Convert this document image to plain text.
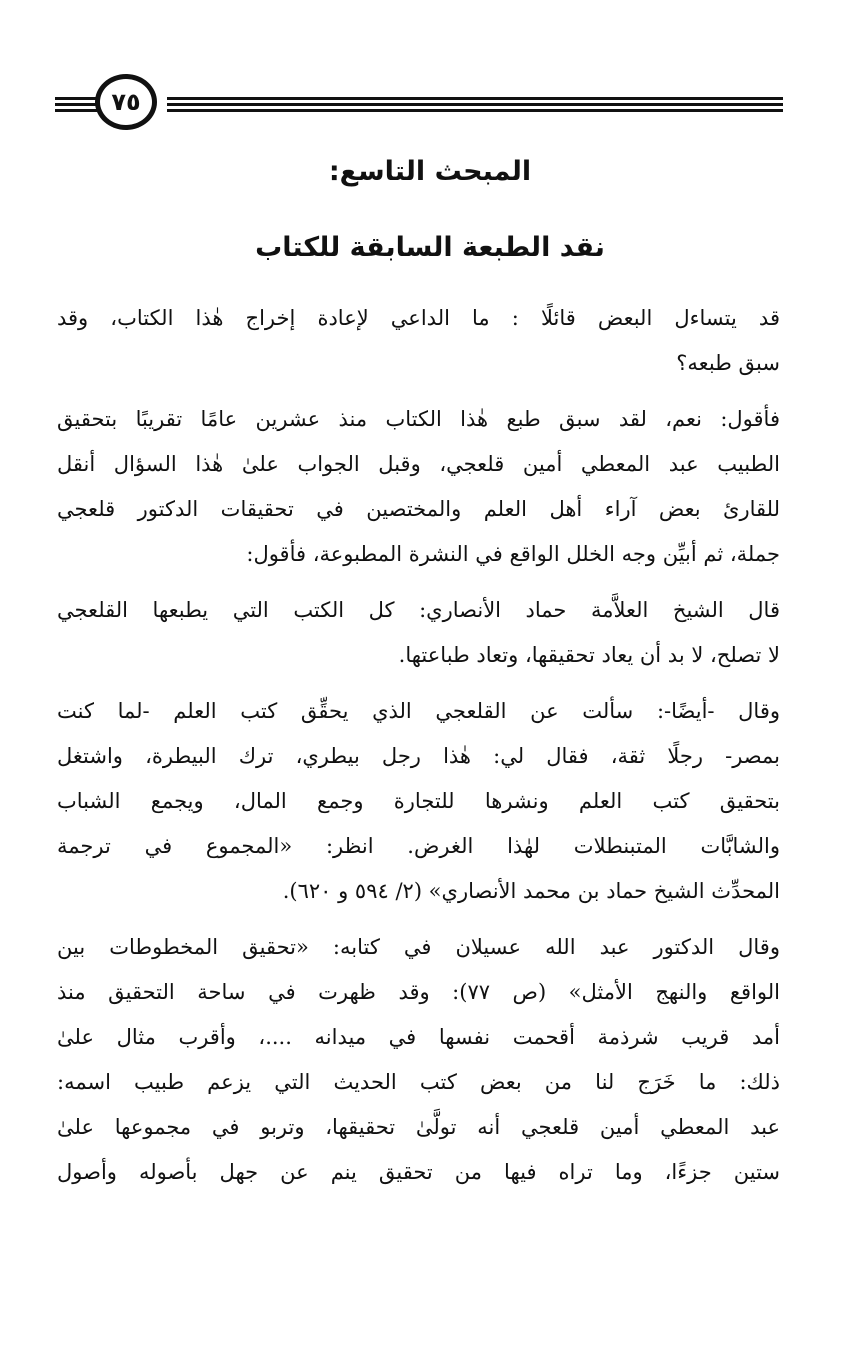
٧٥
المبحث التاسع:
نقد الطبعة السابقة للكتاب
قد يتساءل البعض قائلًا : ما الداعي لإعادة إخراج هٰذا الكتاب، وقد
سبق طبعه؟
فأقول: نعم، لقد سبق طبع هٰذا الكتاب منذ عشرين عامًا تقريبًا بتحقيق
الطبيب عبد المعطي أمين قلعجي، وقبل الجواب علىٰ هٰذا السؤال أنقل
للقارئ بعض آراء أهل العلم والمختصين في تحقيقات الدكتور قلعجي
جملة، ثم أبيِّن وجه الخلل الواقع في النشرة المطبوعة، فأقول:
قال الشيخ العلاَّمة حماد الأنصاري: كل الكتب التي يطبعها القلعجي
لا تصلح، لا بد أن يعاد تحقيقها، وتعاد طباعتها.
وقال -أيضًا-: سألت عن القلعجي الذي يحقِّق كتب العلم -لما كنت
بمصر- رجلًا ثقة، فقال لي: هٰذا رجل بيطري، ترك البيطرة، واشتغل
بتحقيق كتب العلم ونشرها للتجارة وجمع المال، ويجمع الشباب
والشابَّات المتبنطلات لهٰذا الغرض. انظر: «المجموع في ترجمة
المحدِّث الشيخ حماد بن محمد الأنصاري» (٢/ ٥٩٤ و ٦٢٠).
وقال الدكتور عبد الله عسيلان في كتابه: «تحقيق المخطوطات بين
الواقع والنهج الأمثل» (ص ٧٧): وقد ظهرت في ساحة التحقيق منذ
أمد قريب شرذمة أقحمت نفسها في ميدانه ....، وأقرب مثال علىٰ
ذلك: ما خَرَج لنا من بعض كتب الحديث التي يزعم طبيب اسمه:
عبد المعطي أمين قلعجي أنه تولَّىٰ تحقيقها، وتربو في مجموعها علىٰ
ستين جزءًا، وما تراه فيها من تحقيق ينم عن جهل بأصوله وأصول
